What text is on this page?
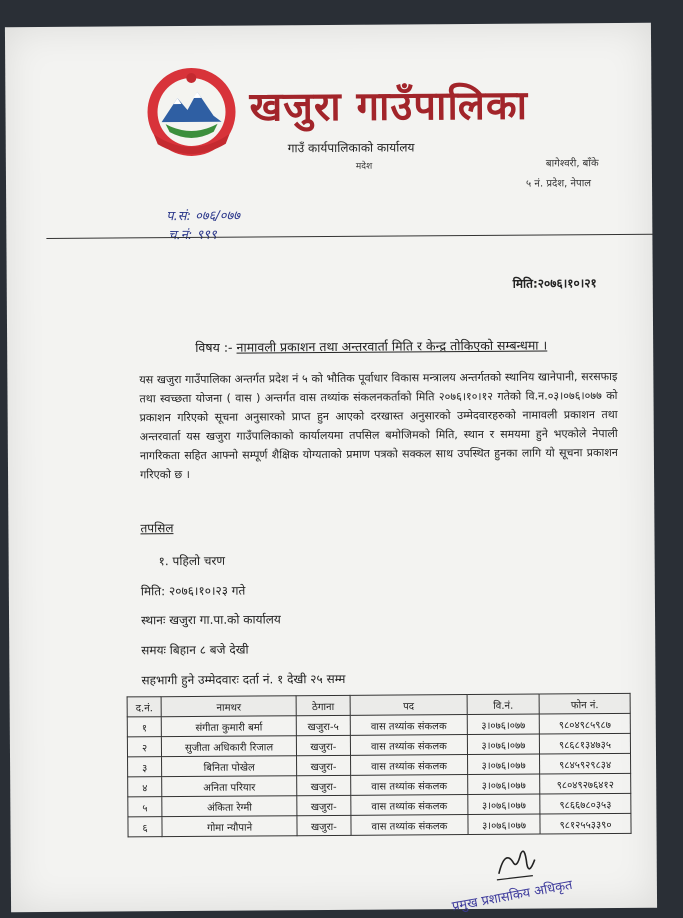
खजुरा गाउँपालिका
गाउँ कार्यपालिकाको कार्यालय
मदेश	बागेश्वरी, बाँके
५ नं. प्रदेश, नेपाल
प.सं: ०७६/०७७
च.नं: ९९९
मिति:२०७६।१०।२१
विषय :- नामावली प्रकाशन तथा अन्तरवार्ता मिति र केन्द्र तोकिएको सम्बन्धमा ।
यस खजुरा गाउँपालिका अन्तर्गत प्रदेश नं ५ को भौतिक पूर्वाधार विकास मन्त्रालय अन्तर्गतको स्थानिय खानेपानी, सरसफाइ तथा स्वच्छता योजना ( वास ) अन्तर्गत वास तथ्यांक संकलनकर्ताको मिति २०७६।१०।१२ गतेको वि.न.०३।०७६।०७७ को प्रकाशन गरिएको सूचना अनुसारको प्राप्त हुन आएको दरखास्त अनुसारको उम्मेदवारहरुको नामावली प्रकाशन तथा अन्तरवार्ता यस खजुरा गाउँपालिकाको कार्यालयमा तपसिल बमोजिमको मिति, स्थान र समयमा हुने भएकोले नेपाली नागरिकता सहित आफ्नो सम्पूर्ण शैक्षिक योग्यताको प्रमाण पत्रको सक्कल साथ उपस्थित हुनका लागि यो सूचना प्रकाशन गरिएको छ ।
तपसिल
१. पहिलो चरण
मिति: २०७६।१०।२३ गते
स्थानः खजुरा गा.पा.को कार्यालय
समयः बिहान ८ बजे देखी
सहभागी हुने उम्मेदवारः दर्ता नं. १ देखी २५ सम्म
द.नं.	नामथर	ठेगाना	पद	वि.नं.	फोन नं.
१	संगीता कुमारी बर्मा	खजुरा-५	वास तथ्यांक संकलक	३।०७६।०७७	९८०४९८५९८७
२	सुजीता अधिकारी रिजाल	खजुरा-	वास तथ्यांक संकलक	३।०७६।०७७	९८६८१३४७३५
३	बिनिता पोखेल	खजुरा-	वास तथ्यांक संकलक	३।०७६।०७७	९८४५९२९८३४
४	अनिता परियार	खजुरा-	वास तथ्यांक संकलक	३।०७६।०७७	९८०४९२७६४१२
५	अंकिता रेग्मी	खजुरा-	वास तथ्यांक संकलक	३।०७६।०७७	९८६६७८०३५३
६	गोमा न्यौपाने	खजुरा-	वास तथ्यांक संकलक	३।०७६।०७७	९८१२५५३३९०
प्रमुख प्रशासकिय अधिकृत
